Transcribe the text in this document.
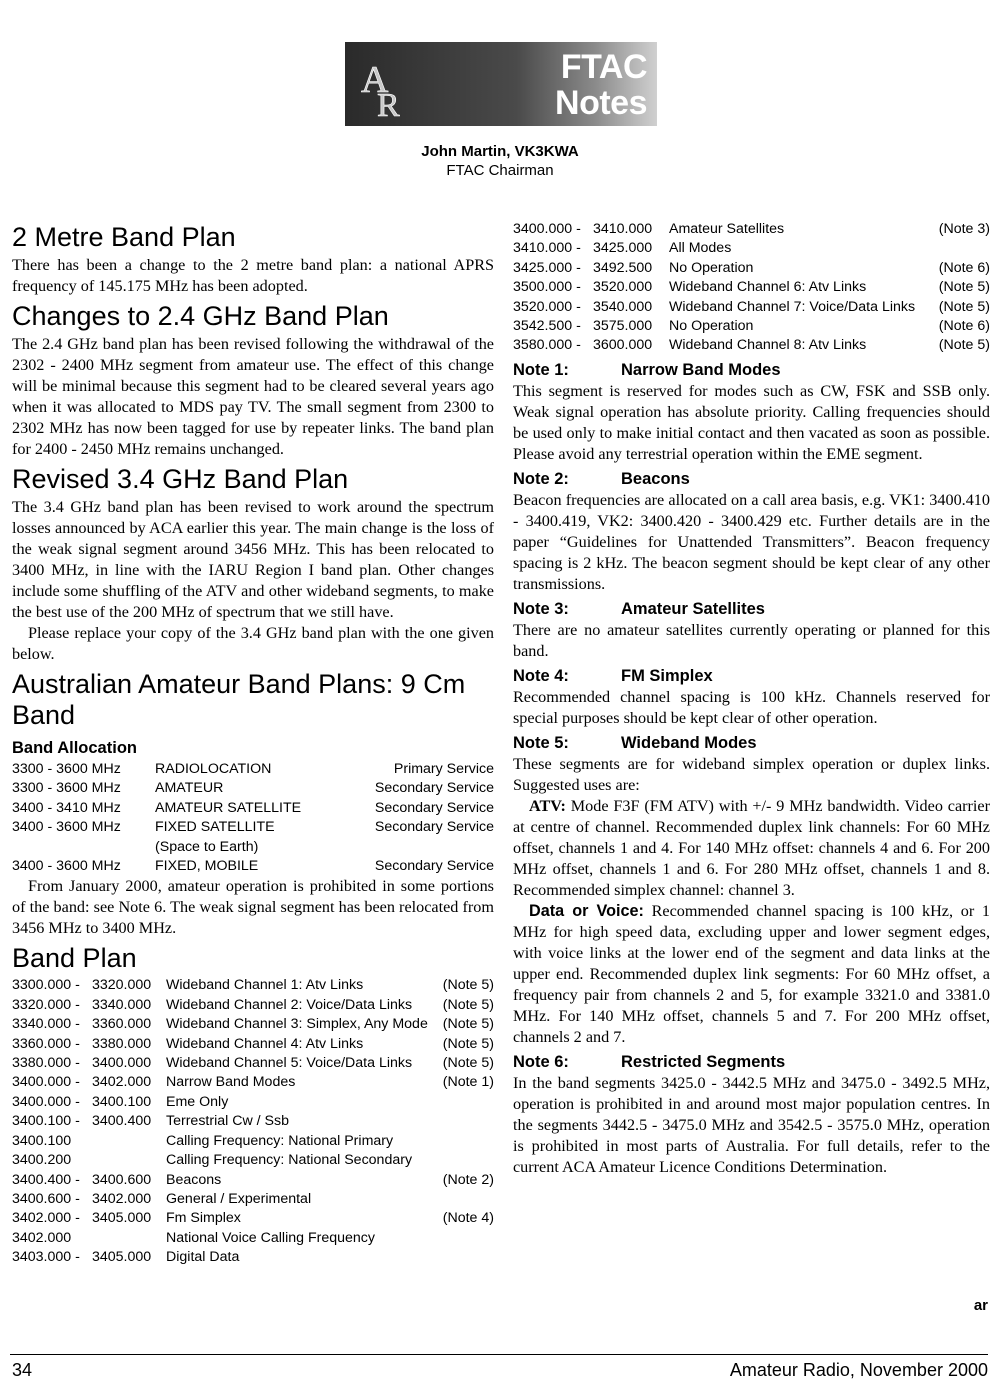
A
R
FTAC
Notes
John Martin, VK3KWA
FTAC Chairman
2 Metre Band Plan

There has been a change to the 2 metre band plan: a national APRS frequency of 145.175 MHz has been adopted.

Changes to 2.4 GHz Band Plan

The 2.4 GHz band plan has been revised following the withdrawal of the 2302 - 2400 MHz segment from amateur use. The effect of this change will be minimal because this segment had to be cleared several years ago when it was allocated to MDS pay TV. The small segment from 2300 to 2302 MHz has now been tagged for use by repeater links. The band plan for 2400 - 2450 MHz remains unchanged.

Revised 3.4 GHz Band Plan

The 3.4 GHz band plan has been revised to work around the spectrum losses announced by ACA earlier this year. The main change is the loss of the weak signal segment around 3456 MHz. This has been relocated to 3400 MHz, in line with the IARU Region I band plan. Other changes include some shuffling of the ATV and other wideband segments, to make the best use of the 200 MHz of spectrum that we still have.

Please replace your copy of the 3.4 GHz band plan with the one given below.

Australian Amateur Band Plans: 9 Cm Band
Band Allocation
3300 - 3600 MHz	RADIOLOCATION	Primary Service
3300 - 3600 MHz	AMATEUR	Secondary Service
3400 - 3410 MHz	AMATEUR SATELLITE	Secondary Service
3400 - 3600 MHz	FIXED SATELLITE	Secondary Service
	(Space to Earth)	
3400 - 3600 MHz	FIXED, MOBILE	Secondary Service

From January 2000, amateur operation is prohibited in some portions of the band: see Note 6. The weak signal segment has been relocated from 3456 MHz to 3400 MHz.

Band Plan
3300.000 -	3320.000	Wideband Channel 1: Atv Links	(Note 5)
3320.000 -	3340.000	Wideband Channel 2: Voice/Data Links	(Note 5)
3340.000 -	3360.000	Wideband Channel 3: Simplex, Any Mode	(Note 5)
3360.000 -	3380.000	Wideband Channel 4: Atv Links	(Note 5)
3380.000 -	3400.000	Wideband Channel 5: Voice/Data Links	(Note 5)
3400.000 -	3402.000	Narrow Band Modes	(Note 1)
3400.000 -	3400.100	Eme Only	
3400.100 -	3400.400	Terrestrial Cw / Ssb	
3400.100		Calling Frequency: National Primary	
3400.200		Calling Frequency: National Secondary	
3400.400 -	3400.600	Beacons	(Note 2)
3400.600 -	3402.000	General / Experimental	
3402.000 -	3405.000	Fm Simplex	(Note 4)
3402.000		National Voice Calling Frequency	
3403.000 -	3405.000	Digital Data	
3400.000 -	3410.000	Amateur Satellites	(Note 3)
3410.000 -	3425.000	All Modes	
3425.000 -	3492.500	No Operation	(Note 6)
3500.000 -	3520.000	Wideband Channel 6: Atv Links	(Note 5)
3520.000 -	3540.000	Wideband Channel 7: Voice/Data Links	(Note 5)
3542.500 -	3575.000	No Operation	(Note 6)
3580.000 -	3600.000	Wideband Channel 8: Atv Links	(Note 5)
Note 1:	Narrow Band Modes

This segment is reserved for modes such as CW, FSK and SSB only. Weak signal operation has absolute priority. Calling frequencies should be used only to make initial contact and then vacated as soon as possible. Please avoid any terrestrial operation within the EME segment.

Note 2:	Beacons

Beacon frequencies are allocated on a call area basis, e.g. VK1: 3400.410 - 3400.419, VK2: 3400.420 - 3400.429 etc. Further details are in the paper “Guidelines for Unattended Transmitters”. Beacon frequency spacing is 2 kHz. The beacon segment should be kept clear of any other transmissions.

Note 3:	Amateur Satellites

There are no amateur satellites currently operating or planned for this band.

Note 4:	FM Simplex

Recommended channel spacing is 100 kHz. Channels reserved for special purposes should be kept clear of other operation.

Note 5:	Wideband Modes

These segments are for wideband simplex operation or duplex links. Suggested uses are:

ATV: Mode F3F (FM ATV) with +/- 9 MHz bandwidth. Video carrier at centre of channel. Recommended duplex link channels: For 60 MHz offset, channels 1 and 4. For 140 MHz offset: channels 4 and 6. For 200 MHz offset, channels 1 and 6. For 280 MHz offset, channels 1 and 8. Recommended simplex channel: channel 3.

Data or Voice: Recommended channel spacing is 100 kHz, or 1 MHz for high speed data, excluding upper and lower segment edges, with voice links at the lower end of the segment and data links at the upper end. Recommended duplex link segments: For 60 MHz offset, a frequency pair from channels 2 and 5, for example 3321.0 and 3381.0 MHz. For 140 MHz offset, channels 5 and 7. For 200 MHz offset, channels 2 and 7.

Note 6:	Restricted Segments

In the band segments 3425.0 - 3442.5 MHz and 3475.0 - 3492.5 MHz, operation is prohibited in and around most major population centres. In the segments 3442.5 - 3475.0 MHz and 3542.5 - 3575.0 MHz, operation is prohibited in most parts of Australia. For full details, refer to the current ACA Amateur Licence Conditions Determination.

ar
34	Amateur Radio, November 2000
